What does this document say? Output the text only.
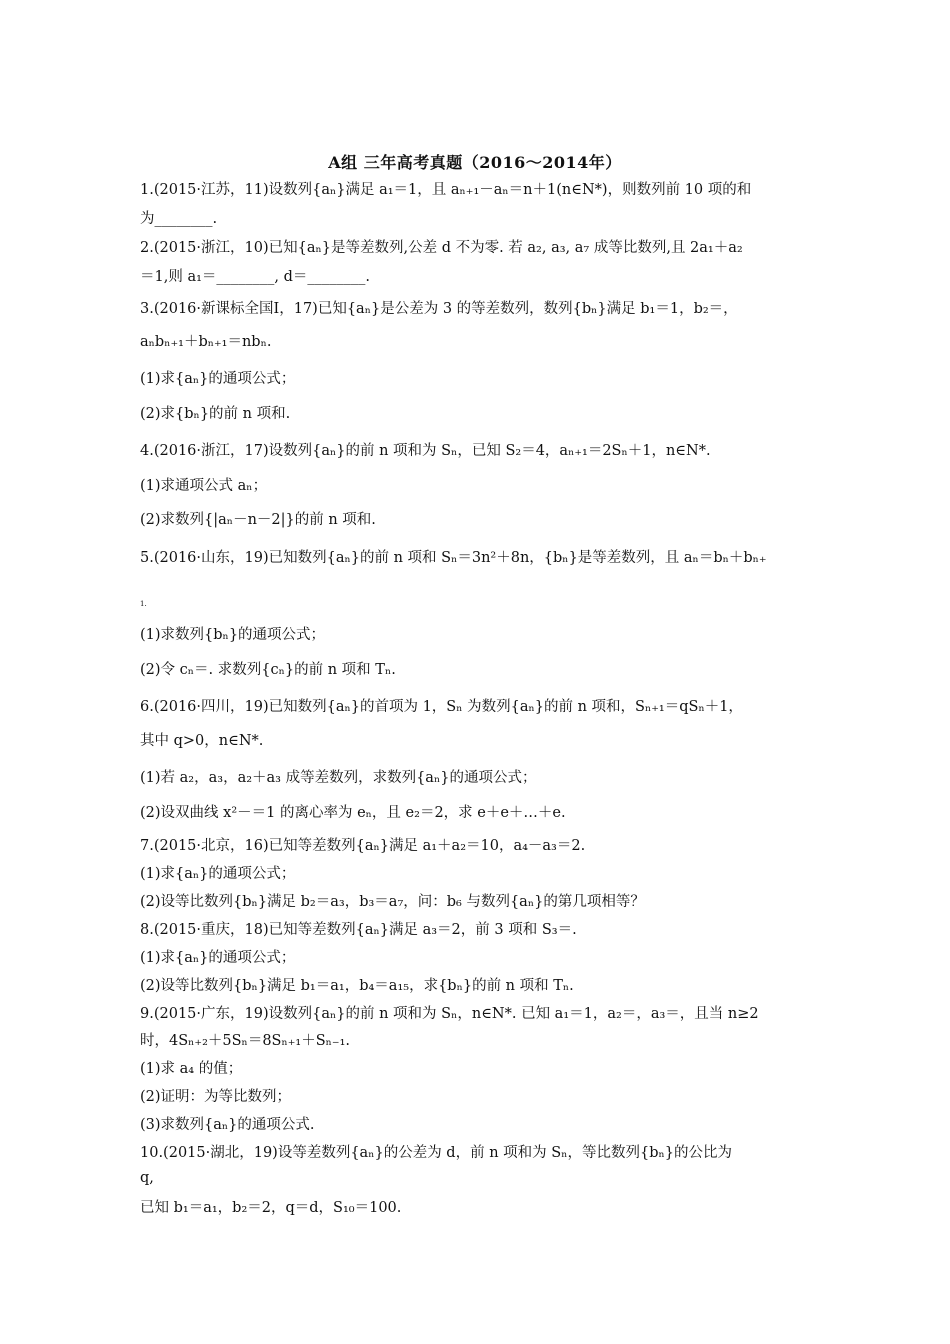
A组 三年高考真题（2016～2014年）
1.(2015·江苏，11)设数列{aₙ}满足 a₁＝1，且 aₙ₊₁－aₙ＝n＋1(n∈N*)，则数列前 10 项的和
为________.
2.(2015·浙江，10)已知{aₙ}是等差数列,公差 d 不为零. 若 a₂, a₃, a₇ 成等比数列,且 2a₁＋a₂
＝1,则 a₁＝________, d＝________.
3.(2016·新课标全国Ⅰ，17)已知{aₙ}是公差为 3 的等差数列，数列{bₙ}满足 b₁＝1，b₂＝，
aₙbₙ₊₁＋bₙ₊₁＝nbₙ.
(1)求{aₙ}的通项公式；
(2)求{bₙ}的前 n 项和.
4.(2016·浙江，17)设数列{aₙ}的前 n 项和为 Sₙ，已知 S₂＝4，aₙ₊₁＝2Sₙ＋1，n∈N*.
(1)求通项公式 aₙ；
(2)求数列{|aₙ－n－2|}的前 n 项和.
5.(2016·山东，19)已知数列{aₙ}的前 n 项和 Sₙ＝3n²＋8n，{bₙ}是等差数列，且 aₙ＝bₙ＋bₙ₊
1.
(1)求数列{bₙ}的通项公式；
(2)令 cₙ＝. 求数列{cₙ}的前 n 项和 Tₙ.
6.(2016·四川，19)已知数列{aₙ}的首项为 1，Sₙ 为数列{aₙ}的前 n 项和，Sₙ₊₁＝qSₙ＋1，
其中 q>0，n∈N*.
(1)若 a₂，a₃，a₂＋a₃ 成等差数列，求数列{aₙ}的通项公式；
(2)设双曲线 x²－＝1 的离心率为 eₙ，且 e₂＝2，求 e＋e＋…＋e.
7.(2015·北京，16)已知等差数列{aₙ}满足 a₁＋a₂＝10，a₄－a₃＝2.
(1)求{aₙ}的通项公式；
(2)设等比数列{bₙ}满足 b₂＝a₃，b₃＝a₇，问：b₆ 与数列{aₙ}的第几项相等？
8.(2015·重庆，18)已知等差数列{aₙ}满足 a₃＝2，前 3 项和 S₃＝.
(1)求{aₙ}的通项公式；
(2)设等比数列{bₙ}满足 b₁＝a₁，b₄＝a₁₅，求{bₙ}的前 n 项和 Tₙ.
9.(2015·广东，19)设数列{aₙ}的前 n 项和为 Sₙ，n∈N*. 已知 a₁＝1，a₂＝，a₃＝，且当 n≥2
时，4Sₙ₊₂＋5Sₙ＝8Sₙ₊₁＋Sₙ₋₁.
(1)求 a₄ 的值；
(2)证明：为等比数列；
(3)求数列{aₙ}的通项公式.
10.(2015·湖北，19)设等差数列{aₙ}的公差为 d，前 n 项和为 Sₙ，等比数列{bₙ}的公比为
q,
已知 b₁＝a₁，b₂＝2，q＝d，S₁₀＝100.
